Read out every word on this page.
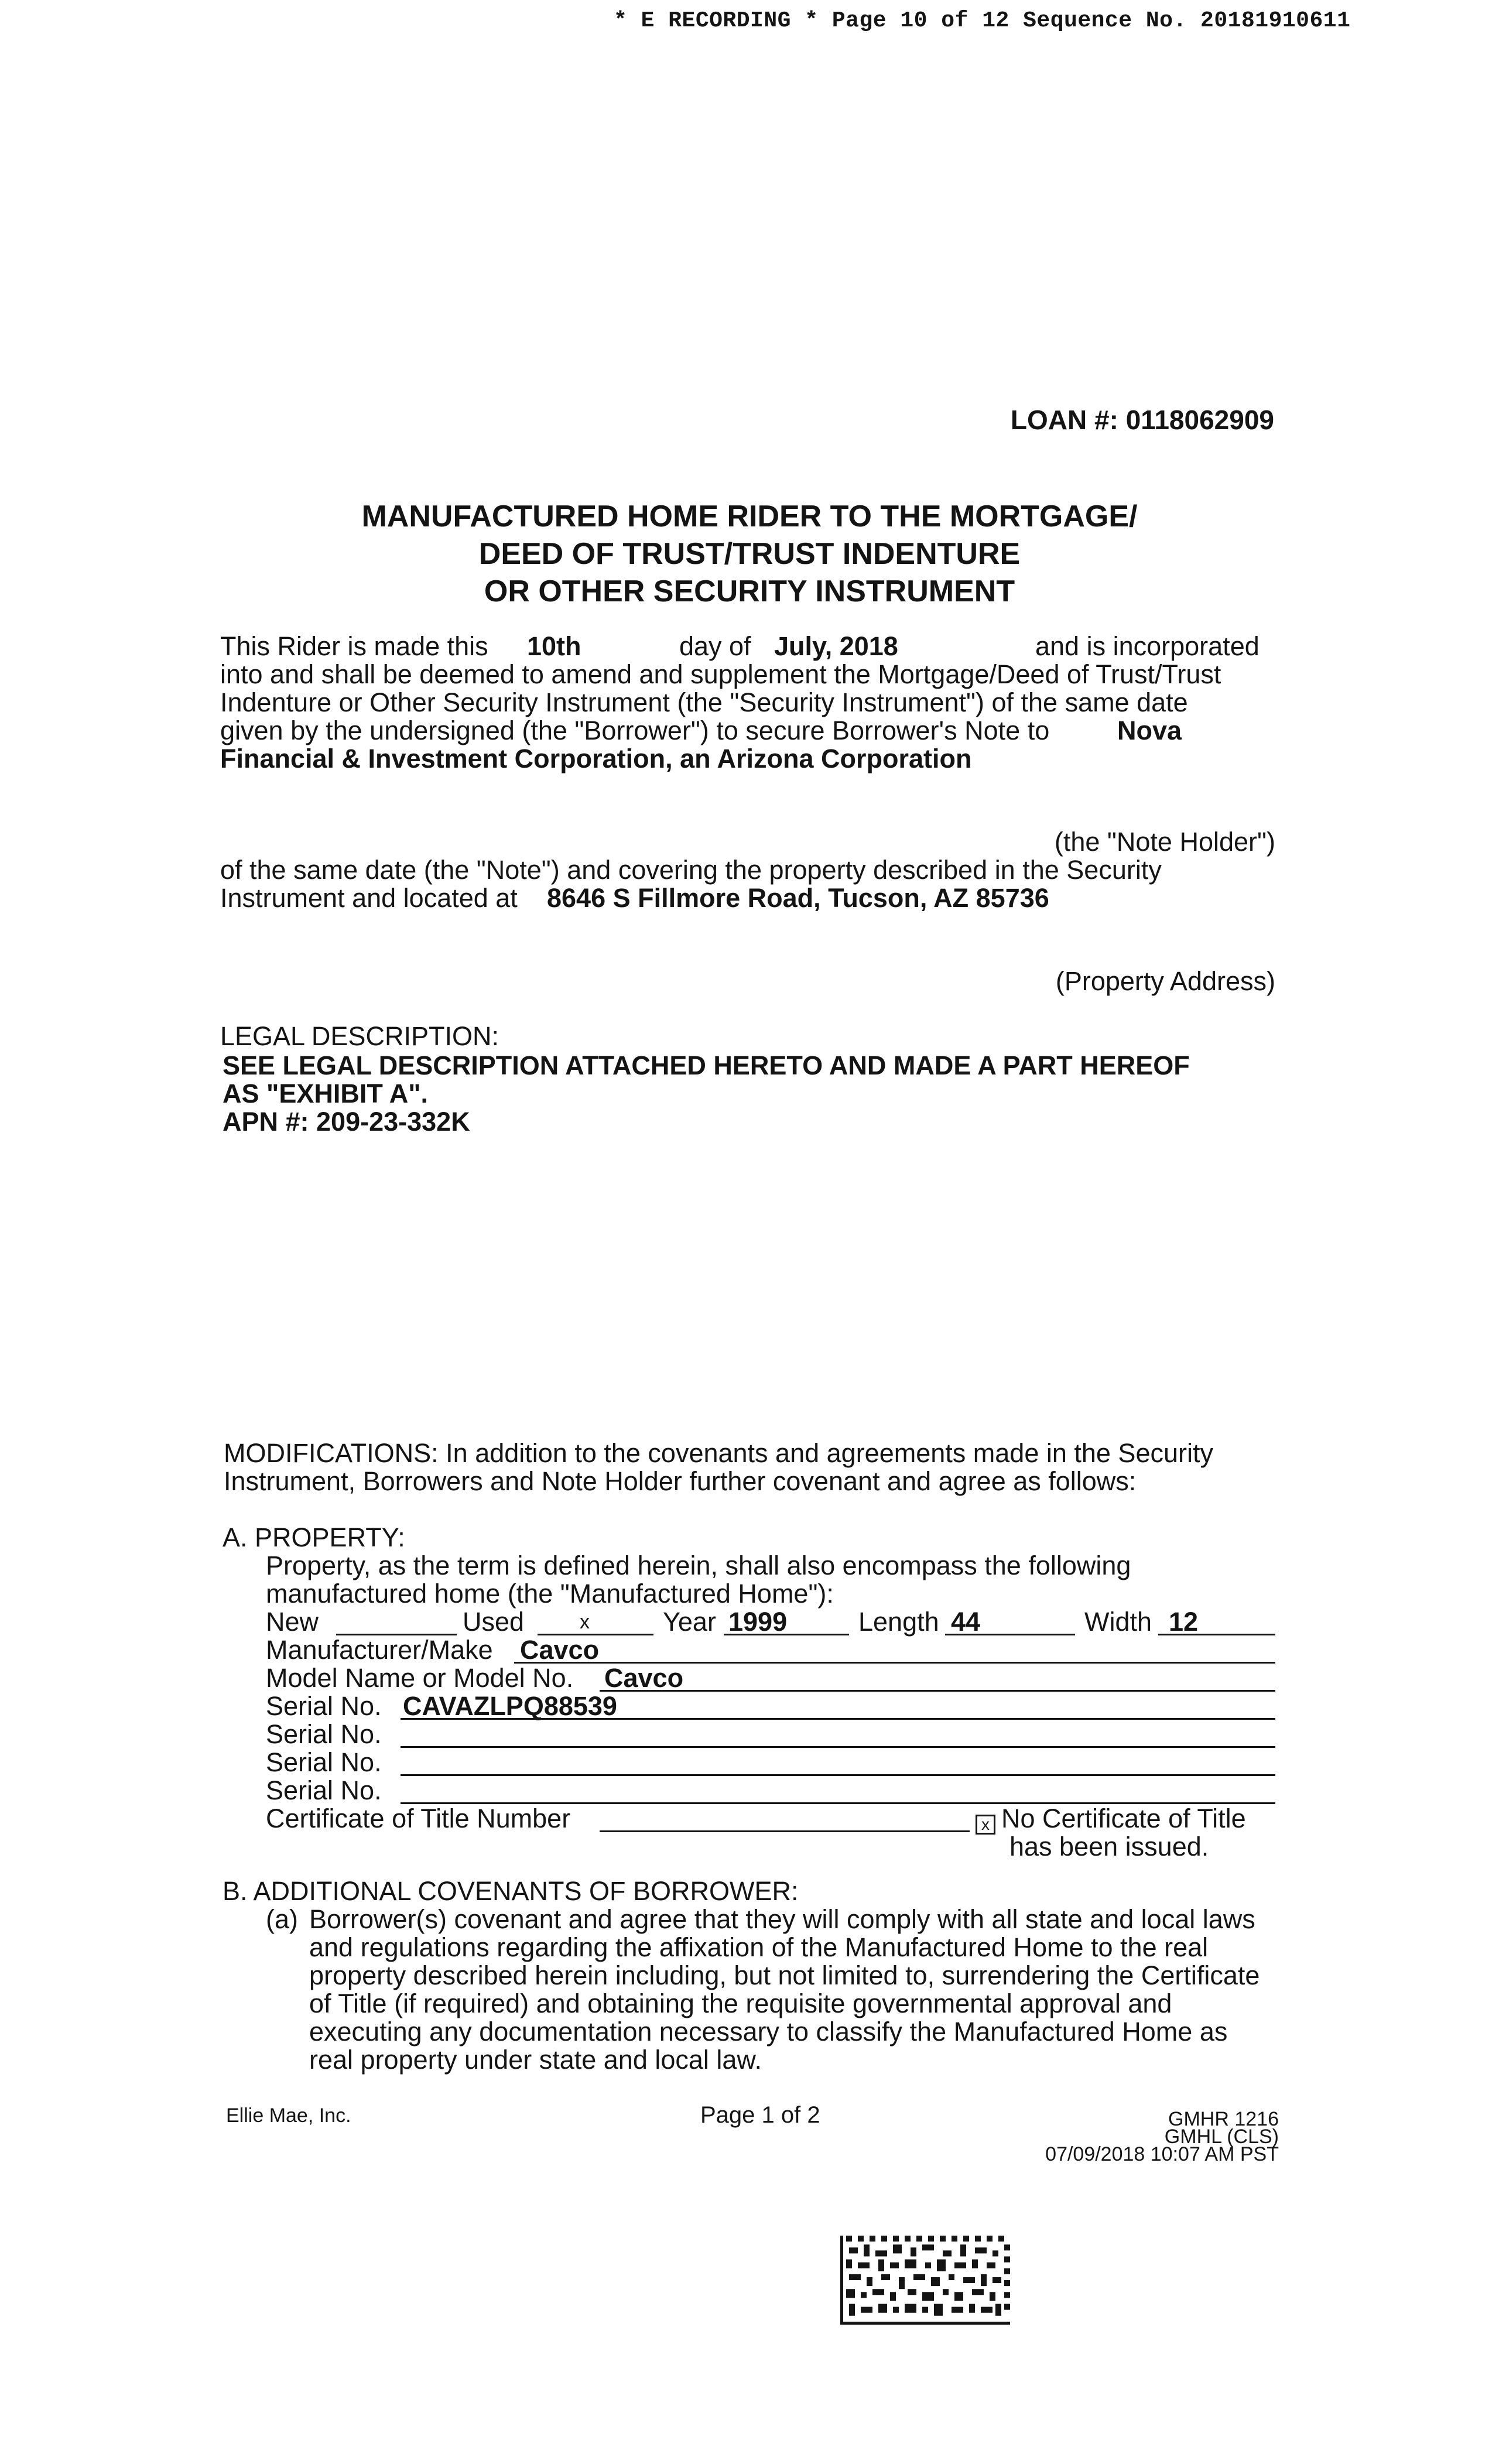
* E RECORDING * Page 10 of 12 Sequence No. 20181910611
LOAN #: 0118062909
MANUFACTURED HOME RIDER TO THE MORTGAGE/
DEED OF TRUST/TRUST INDENTURE
OR OTHER SECURITY INSTRUMENT
This Rider is made this 10th	day of July, 2018	and is incorporated
into and shall be deemed to amend and supplement the Mortgage/Deed of Trust/Trust
Indenture or Other Security Instrument (the "Security Instrument") of the same date
given by the undersigned (the "Borrower") to secure Borrower's Note to	Nova
Financial & Investment Corporation, an Arizona Corporation
(the "Note Holder")
of the same date (the "Note") and covering the property described in the Security
Instrument and located at 8646 S Fillmore Road, Tucson, AZ 85736
(Property Address)
LEGAL DESCRIPTION:
SEE LEGAL DESCRIPTION ATTACHED HERETO AND MADE A PART HEREOF
AS "EXHIBIT A".
APN #: 209-23-332K
MODIFICATIONS: In addition to the covenants and agreements made in the Security
Instrument, Borrowers and Note Holder further covenant and agree as follows:
A. PROPERTY:
Property, as the term is defined herein, shall also encompass the following
manufactured home (the "Manufactured Home"):
New	Used	x	Year 1999	Length 44	Width 12
Manufacturer/Make Cavco
Model Name or Model No. Cavco
Serial No. CAVAZLPQ88539
Serial No.
Serial No.
Serial No.
Certificate of Title Number	x No Certificate of Title
has been issued.
B. ADDITIONAL COVENANTS OF BORROWER:
(a) Borrower(s) covenant and agree that they will comply with all state and local laws
and regulations regarding the affixation of the Manufactured Home to the real
property described herein including, but not limited to, surrendering the Certificate
of Title (if required) and obtaining the requisite governmental approval and
executing any documentation necessary to classify the Manufactured Home as
real property under state and local law.
Ellie Mae, Inc.	Page 1 of 2	GMHR 1216
GMHL (CLS)
07/09/2018 10:07 AM PST
